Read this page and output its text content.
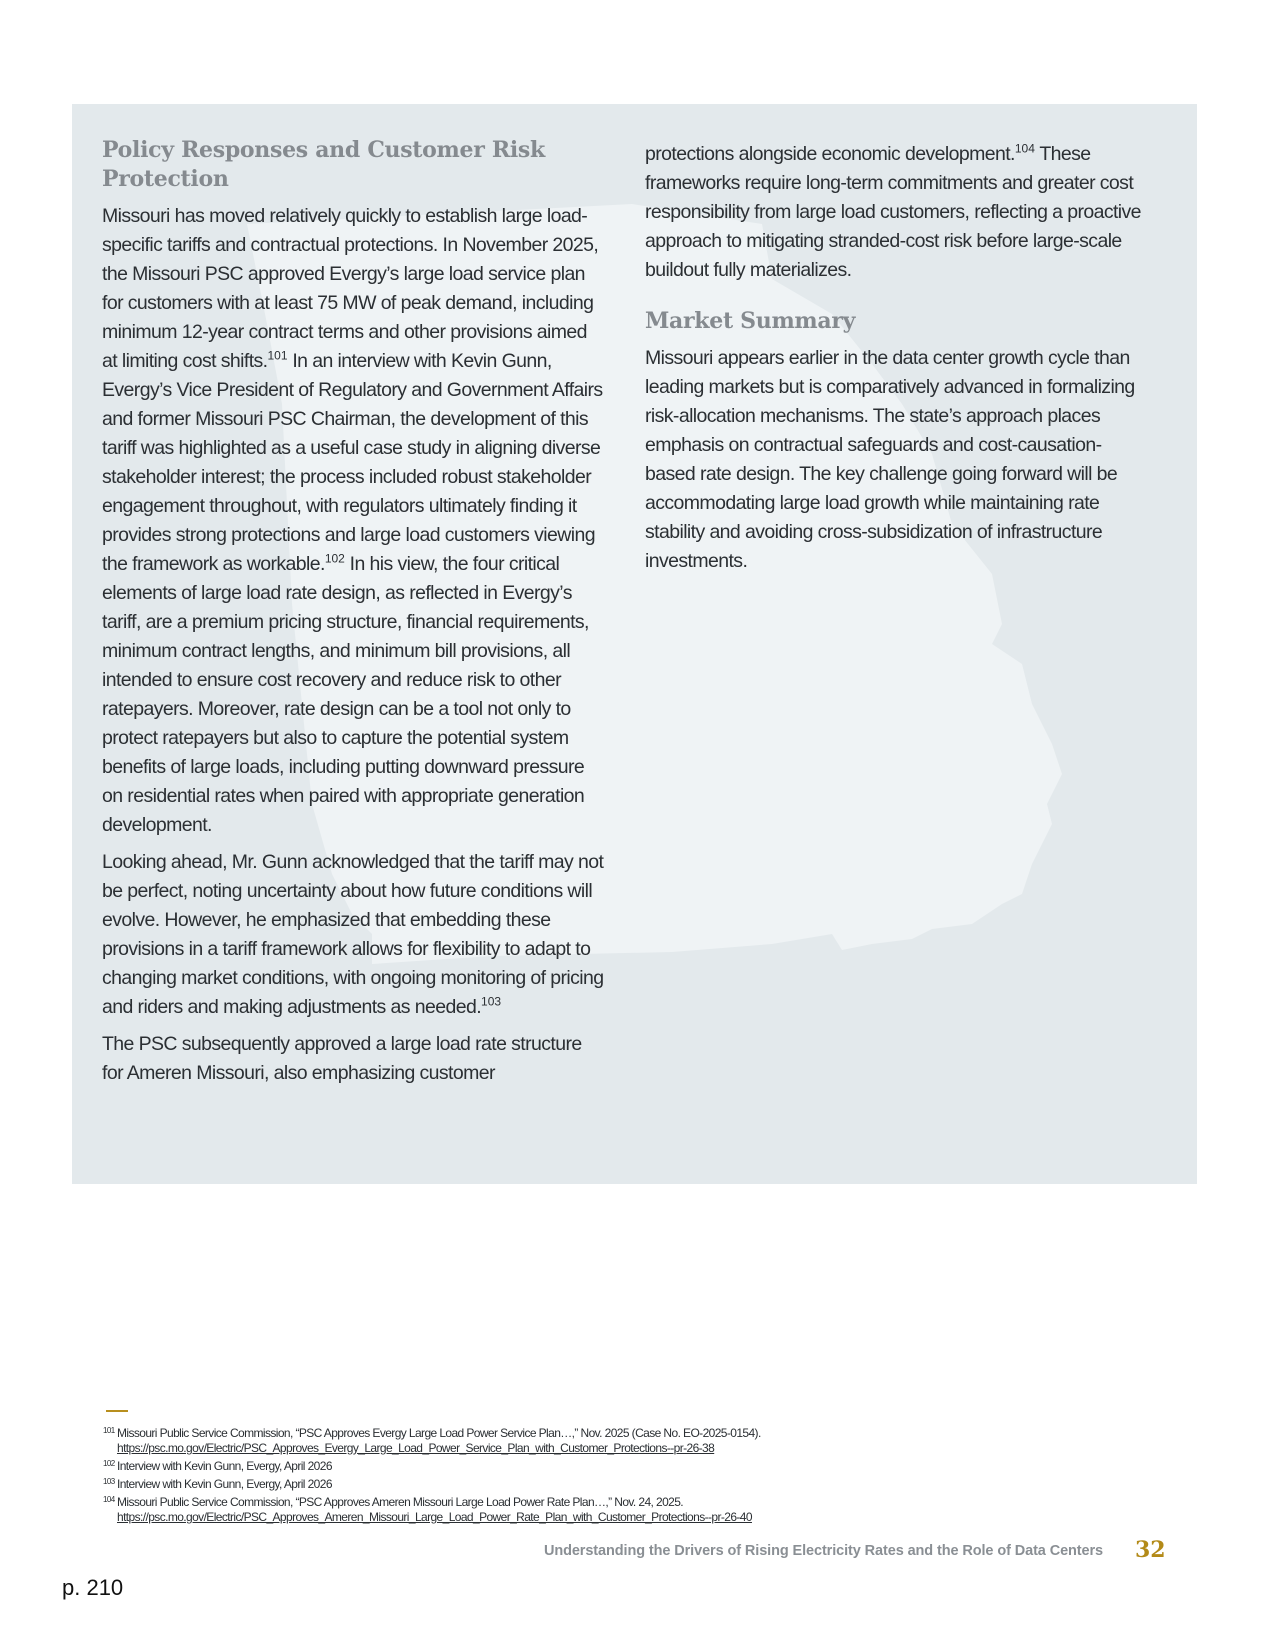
Policy Responses and Customer Risk Protection

Missouri has moved relatively quickly to establish large load-specific tariffs and contractual protections. In November 2025, the Missouri PSC approved Evergy’s large load service plan for customers with at least 75 MW of peak demand, including minimum 12-year contract terms and other provisions aimed at limiting cost shifts.$^{101}$ In an interview with Kevin Gunn, Evergy’s Vice President of Regulatory and Government Affairs and former Missouri PSC Chairman, the development of this tariff was highlighted as a useful case study in aligning diverse stakeholder interest; the process included robust stakeholder engagement throughout, with regulators ultimately finding it provides strong protections and large load customers viewing the framework as workable.$^{102}$ In his view, the four critical elements of large load rate design, as reflected in Evergy’s tariff, are a premium pricing structure, financial requirements, minimum contract lengths, and minimum bill provisions, all intended to ensure cost recovery and reduce risk to other ratepayers. Moreover, rate design can be a tool not only to protect ratepayers but also to capture the potential system benefits of large loads, including putting downward pressure on residential rates when paired with appropriate generation development.

Looking ahead, Mr. Gunn acknowledged that the tariff may not be perfect, noting uncertainty about how future conditions will evolve. However, he emphasized that embedding these provisions in a tariff framework allows for flexibility to adapt to changing market conditions, with ongoing monitoring of pricing and riders and making adjustments as needed.$^{103}$

The PSC subsequently approved a large load rate structure for Ameren Missouri, also emphasizing customer

protections alongside economic development.$^{104}$ These frameworks require long-term commitments and greater cost responsibility from large load customers, reflecting a proactive approach to mitigating stranded-cost risk before large-scale buildout fully materializes.

Market Summary

Missouri appears earlier in the data center growth cycle than leading markets but is comparatively advanced in formalizing risk-allocation mechanisms. The state’s approach places emphasis on contractual safeguards and cost-causation-based rate design. The key challenge going forward will be accommodating large load growth while maintaining rate stability and avoiding cross-subsidization of infrastructure investments.

101 Missouri Public Service Commission, “PSC Approves Evergy Large Load Power Service Plan…,” Nov. 2025 (Case No. EO-2025-0154). https://psc.mo.gov/Electric/PSC_Approves_Evergy_Large_Load_Power_Service_Plan_with_Customer_Protections--pr-26-38
102 Interview with Kevin Gunn, Evergy, April 2026
103 Interview with Kevin Gunn, Evergy, April 2026
104 Missouri Public Service Commission, “PSC Approves Ameren Missouri Large Load Power Rate Plan…,” Nov. 24, 2025. https://psc.mo.gov/Electric/PSC_Approves_Ameren_Missouri_Large_Load_Power_Rate_Plan_with_Customer_Protections--pr-26-40
Understanding the Drivers of Rising Electricity Rates and the Role of Data Centers 32
p. 210
